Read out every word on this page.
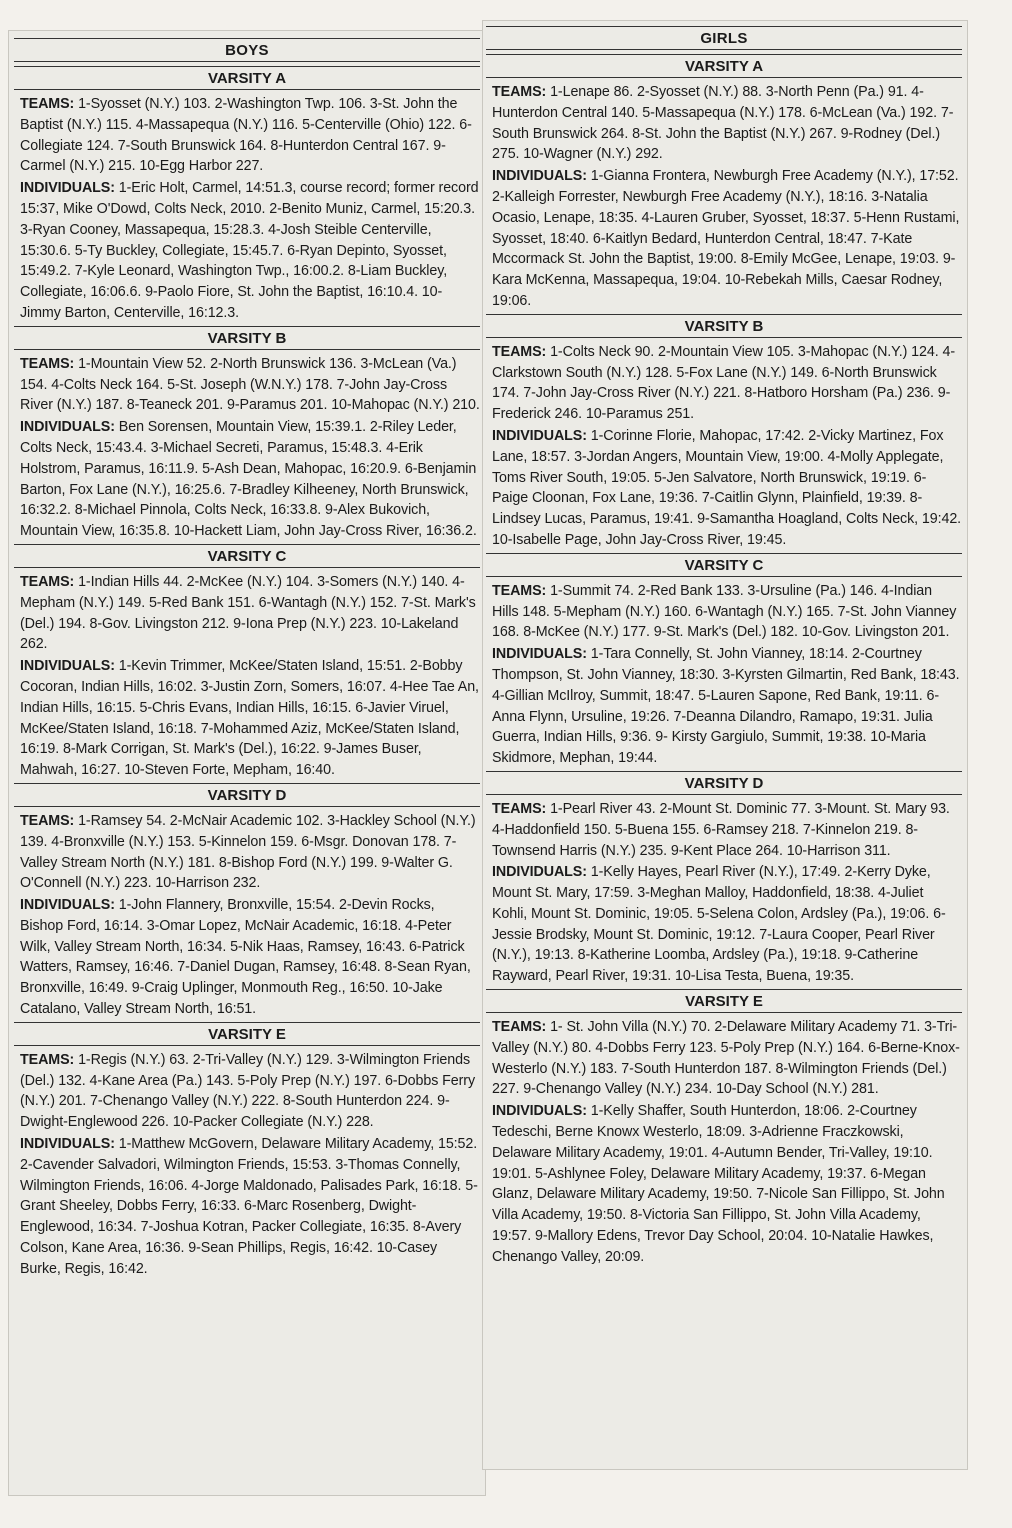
BOYS
VARSITY A
TEAMS: 1-Syosset (N.Y.) 103. 2-Washington Twp. 106. 3-St. John the Baptist (N.Y.) 115. 4-Massapequa (N.Y.) 116. 5-Centerville (Ohio) 122. 6-Collegiate 124. 7-South Brunswick 164. 8-Hunterdon Central 167. 9-Carmel (N.Y.) 215. 10-Egg Harbor 227.
INDIVIDUALS: 1-Eric Holt, Carmel, 14:51.3, course record; former record 15:37, Mike O'Dowd, Colts Neck, 2010. 2-Benito Muniz, Carmel, 15:20.3. 3-Ryan Cooney, Massapequa, 15:28.3. 4-Josh Steible Centerville, 15:30.6. 5-Ty Buckley, Collegiate, 15:45.7. 6-Ryan Depinto, Syosset, 15:49.2. 7-Kyle Leonard, Washington Twp., 16:00.2. 8-Liam Buckley, Collegiate, 16:06.6. 9-Paolo Fiore, St. John the Baptist, 16:10.4. 10-Jimmy Barton, Centerville, 16:12.3.
VARSITY B
TEAMS: 1-Mountain View 52. 2-North Brunswick 136. 3-McLean (Va.) 154. 4-Colts Neck 164. 5-St. Joseph (W.N.Y.) 178. 7-John Jay-Cross River (N.Y.) 187. 8-Teaneck 201. 9-Paramus 201. 10-Mahopac (N.Y.) 210.
INDIVIDUALS: Ben Sorensen, Mountain View, 15:39.1. 2-Riley Leder, Colts Neck, 15:43.4. 3-Michael Secreti, Paramus, 15:48.3. 4-Erik Holstrom, Paramus, 16:11.9. 5-Ash Dean, Mahopac, 16:20.9. 6-Benjamin Barton, Fox Lane (N.Y.), 16:25.6. 7-Bradley Kilheeney, North Brunswick, 16:32.2. 8-Michael Pinnola, Colts Neck, 16:33.8. 9-Alex Bukovich, Mountain View, 16:35.8. 10-Hackett Liam, John Jay-Cross River, 16:36.2.
VARSITY C
TEAMS: 1-Indian Hills 44. 2-McKee (N.Y.) 104. 3-Somers (N.Y.) 140. 4-Mepham (N.Y.) 149. 5-Red Bank 151. 6-Wantagh (N.Y.) 152. 7-St. Mark's (Del.) 194. 8-Gov. Livingston 212. 9-Iona Prep (N.Y.) 223. 10-Lakeland 262.
INDIVIDUALS: 1-Kevin Trimmer, McKee/Staten Island, 15:51. 2-Bobby Cocoran, Indian Hills, 16:02. 3-Justin Zorn, Somers, 16:07. 4-Hee Tae An, Indian Hills, 16:15. 5-Chris Evans, Indian Hills, 16:15. 6-Javier Viruel, McKee/Staten Island, 16:18. 7-Mohammed Aziz, McKee/Staten Island, 16:19. 8-Mark Corrigan, St. Mark's (Del.), 16:22. 9-James Buser, Mahwah, 16:27. 10-Steven Forte, Mepham, 16:40.
VARSITY D
TEAMS: 1-Ramsey 54. 2-McNair Academic 102. 3-Hackley School (N.Y.) 139. 4-Bronxville (N.Y.) 153. 5-Kinnelon 159. 6-Msgr. Donovan 178. 7-Valley Stream North (N.Y.) 181. 8-Bishop Ford (N.Y.) 199. 9-Walter G. O'Connell (N.Y.) 223. 10-Harrison 232.
INDIVIDUALS: 1-John Flannery, Bronxville, 15:54. 2-Devin Rocks, Bishop Ford, 16:14. 3-Omar Lopez, McNair Academic, 16:18. 4-Peter Wilk, Valley Stream North, 16:34. 5-Nik Haas, Ramsey, 16:43. 6-Patrick Watters, Ramsey, 16:46. 7-Daniel Dugan, Ramsey, 16:48. 8-Sean Ryan, Bronxville, 16:49. 9-Craig Uplinger, Monmouth Reg., 16:50. 10-Jake Catalano, Valley Stream North, 16:51.
VARSITY E
TEAMS: 1-Regis (N.Y.) 63. 2-Tri-Valley (N.Y.) 129. 3-Wilmington Friends (Del.) 132. 4-Kane Area (Pa.) 143. 5-Poly Prep (N.Y.) 197. 6-Dobbs Ferry (N.Y.) 201. 7-Chenango Valley (N.Y.) 222. 8-South Hunterdon 224. 9-Dwight-Englewood 226. 10-Packer Collegiate (N.Y.) 228.
INDIVIDUALS: 1-Matthew McGovern, Delaware Military Academy, 15:52. 2-Cavender Salvadori, Wilmington Friends, 15:53. 3-Thomas Connelly, Wilmington Friends, 16:06. 4-Jorge Maldonado, Palisades Park, 16:18. 5-Grant Sheeley, Dobbs Ferry, 16:33. 6-Marc Rosenberg, Dwight-Englewood, 16:34. 7-Joshua Kotran, Packer Collegiate, 16:35. 8-Avery Colson, Kane Area, 16:36. 9-Sean Phillips, Regis, 16:42. 10-Casey Burke, Regis, 16:42.
GIRLS
VARSITY A
TEAMS: 1-Lenape 86. 2-Syosset (N.Y.) 88. 3-North Penn (Pa.) 91. 4-Hunterdon Central 140. 5-Massapequa (N.Y.) 178. 6-McLean (Va.) 192. 7-South Brunswick 264. 8-St. John the Baptist (N.Y.) 267. 9-Rodney (Del.) 275. 10-Wagner (N.Y.) 292.
INDIVIDUALS: 1-Gianna Frontera, Newburgh Free Academy (N.Y.), 17:52. 2-Kalleigh Forrester, Newburgh Free Academy (N.Y.), 18:16. 3-Natalia Ocasio, Lenape, 18:35. 4-Lauren Gruber, Syosset, 18:37. 5-Henn Rustami, Syosset, 18:40. 6-Kaitlyn Bedard, Hunterdon Central, 18:47. 7-Kate Mccormack St. John the Baptist, 19:00. 8-Emily McGee, Lenape, 19:03. 9-Kara McKenna, Massapequa, 19:04. 10-Rebekah Mills, Caesar Rodney, 19:06.
VARSITY B
TEAMS: 1-Colts Neck 90. 2-Mountain View 105. 3-Mahopac (N.Y.) 124. 4-Clarkstown South (N.Y.) 128. 5-Fox Lane (N.Y.) 149. 6-North Brunswick 174. 7-John Jay-Cross River (N.Y.) 221. 8-Hatboro Horsham (Pa.) 236. 9-Frederick 246. 10-Paramus 251.
INDIVIDUALS: 1-Corinne Florie, Mahopac, 17:42. 2-Vicky Martinez, Fox Lane, 18:57. 3-Jordan Angers, Mountain View, 19:00. 4-Molly Applegate, Toms River South, 19:05. 5-Jen Salvatore, North Brunswick, 19:19. 6-Paige Cloonan, Fox Lane, 19:36. 7-Caitlin Glynn, Plainfield, 19:39. 8-Lindsey Lucas, Paramus, 19:41. 9-Samantha Hoagland, Colts Neck, 19:42. 10-Isabelle Page, John Jay-Cross River, 19:45.
VARSITY C
TEAMS: 1-Summit 74. 2-Red Bank 133. 3-Ursuline (Pa.) 146. 4-Indian Hills 148. 5-Mepham (N.Y.) 160. 6-Wantagh (N.Y.) 165. 7-St. John Vianney 168. 8-McKee (N.Y.) 177. 9-St. Mark's (Del.) 182. 10-Gov. Livingston 201.
INDIVIDUALS: 1-Tara Connelly, St. John Vianney, 18:14. 2-Courtney Thompson, St. John Vianney, 18:30. 3-Kyrsten Gilmartin, Red Bank, 18:43. 4-Gillian McIlroy, Summit, 18:47. 5-Lauren Sapone, Red Bank, 19:11. 6-Anna Flynn, Ursuline, 19:26. 7-Deanna Dilandro, Ramapo, 19:31. Julia Guerra, Indian Hills, 9:36. 9- Kirsty Gargiulo, Summit, 19:38. 10-Maria Skidmore, Mephan, 19:44.
VARSITY D
TEAMS: 1-Pearl River 43. 2-Mount St. Dominic 77. 3-Mount. St. Mary 93. 4-Haddonfield 150. 5-Buena 155. 6-Ramsey 218. 7-Kinnelon 219. 8-Townsend Harris (N.Y.) 235. 9-Kent Place 264. 10-Harrison 311.
INDIVIDUALS: 1-Kelly Hayes, Pearl River (N.Y.), 17:49. 2-Kerry Dyke, Mount St. Mary, 17:59. 3-Meghan Malloy, Haddonfield, 18:38. 4-Juliet Kohli, Mount St. Dominic, 19:05. 5-Selena Colon, Ardsley (Pa.), 19:06. 6-Jessie Brodsky, Mount St. Dominic, 19:12. 7-Laura Cooper, Pearl River (N.Y.), 19:13. 8-Katherine Loomba, Ardsley (Pa.), 19:18. 9-Catherine Rayward, Pearl River, 19:31. 10-Lisa Testa, Buena, 19:35.
VARSITY E
TEAMS: 1- St. John Villa (N.Y.) 70. 2-Delaware Military Academy 71. 3-Tri-Valley (N.Y.) 80. 4-Dobbs Ferry 123. 5-Poly Prep (N.Y.) 164. 6-Berne-Knox-Westerlo (N.Y.) 183. 7-South Hunterdon 187. 8-Wilmington Friends (Del.) 227. 9-Chenango Valley (N.Y.) 234. 10-Day School (N.Y.) 281.
INDIVIDUALS: 1-Kelly Shaffer, South Hunterdon, 18:06. 2-Courtney Tedeschi, Berne Knowx Westerlo, 18:09. 3-Adrienne Fraczkowski, Delaware Military Academy, 19:01. 4-Autumn Bender, Tri-Valley, 19:10. 19:01. 5-Ashlynee Foley, Delaware Military Academy, 19:37. 6-Megan Glanz, Delaware Military Academy, 19:50. 7-Nicole San Fillippo, St. John Villa Academy, 19:50. 8-Victoria San Fillippo, St. John Villa Academy, 19:57. 9-Mallory Edens, Trevor Day School, 20:04. 10-Natalie Hawkes, Chenango Valley, 20:09.
